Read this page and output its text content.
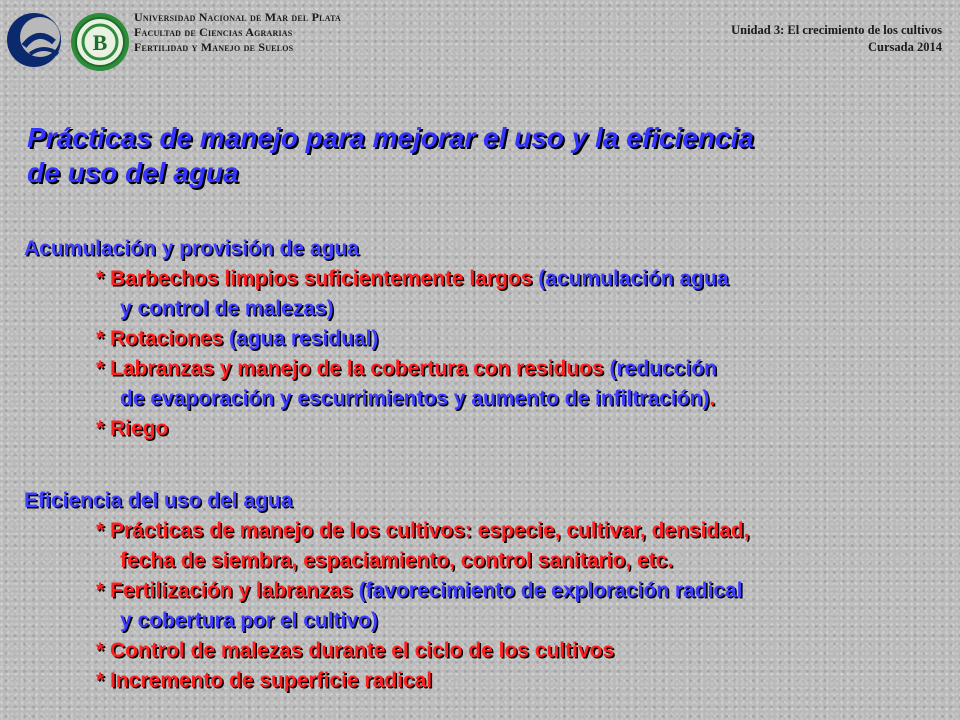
B
Universidad Nacional de Mar del Plata
Facultad de Ciencias Agrarias
Fertilidad y Manejo de Suelos
Unidad 3: El crecimiento de los cultivos
Cursada 2014
Prácticas de manejo para mejorar el uso y la eficiencia
de uso del agua
Acumulación y provisión de agua
* Barbechos limpios suficientemente largos (acumulación agua
y control de malezas)
* Rotaciones (agua residual)
* Labranzas y manejo de la cobertura con residuos (reducción
de evaporación y escurrimientos y aumento de infiltración).
* Riego
Eficiencia del uso del agua
* Prácticas de manejo de los cultivos: especie, cultivar, densidad,
fecha de siembra, espaciamiento, control sanitario, etc.
* Fertilización y labranzas (favorecimiento de exploración radical
y cobertura por el cultivo)
* Control de malezas durante el ciclo de los cultivos
* Incremento de superficie radical
